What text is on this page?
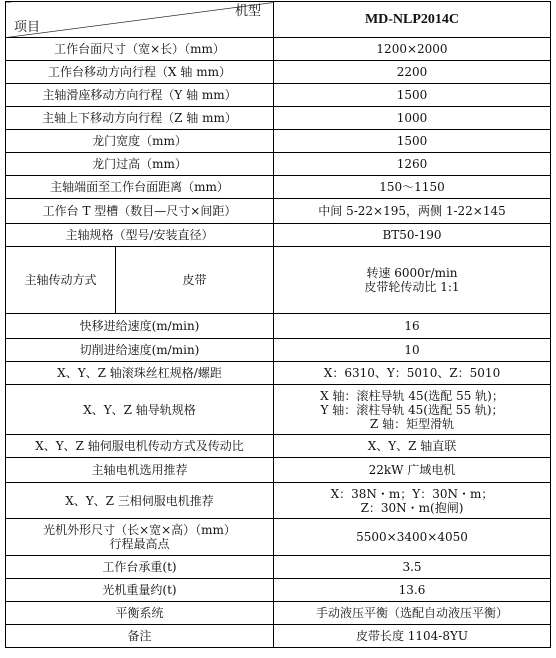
机型
项目		MD-NLP2014C
工作台面尺寸（宽×长）（mm）		1200×2000
工作台移动方向行程（X 轴 mm）		2200
主轴滑座移动方向行程（Y 轴 mm）		1500
主轴上下移动方向行程（Z 轴 mm）		1000
龙门宽度（mm）		1500
龙门过高（mm）		1260
主轴端面至工作台面距离（mm）		150～1150
工作台 T 型槽（数目—尺寸×间距）		中间 5-22×195，两侧 1-22×145
主轴规格（型号/安装直径）		BT50-190
主轴传动方式	皮带	转速 6000r/min
皮带轮传动比 1:1

快移进给速度(m/min)		16
切削进给速度(m/min)		10
X、Y、Z 轴滚珠丝杠规格/螺距		X：6310、Y：5010、Z：5010
X、Y、Z 轴导轨规格		X 轴：滚柱导轨 45(选配 55 轨)；
Y 轴：滚柱导轨 45(选配 55 轨)；
Z 轴：矩型滑轨

X、Y、Z 轴伺服电机传动方式及传动比		X、Y、Z 轴直联
主轴电机选用推荐		22kW 广域电机
X、Y、Z 三相伺服电机推荐		X：38N・m；Y：30N・m；
Z：30N・m(抱闸)

光机外形尺寸（长×宽×高）（mm）
行程最高点		5500×3400×4050
工作台承重(t)		3.5
光机重量约(t)		13.6
平衡系统		手动液压平衡（选配自动液压平衡）
备注		皮带长度 1104-8YU
